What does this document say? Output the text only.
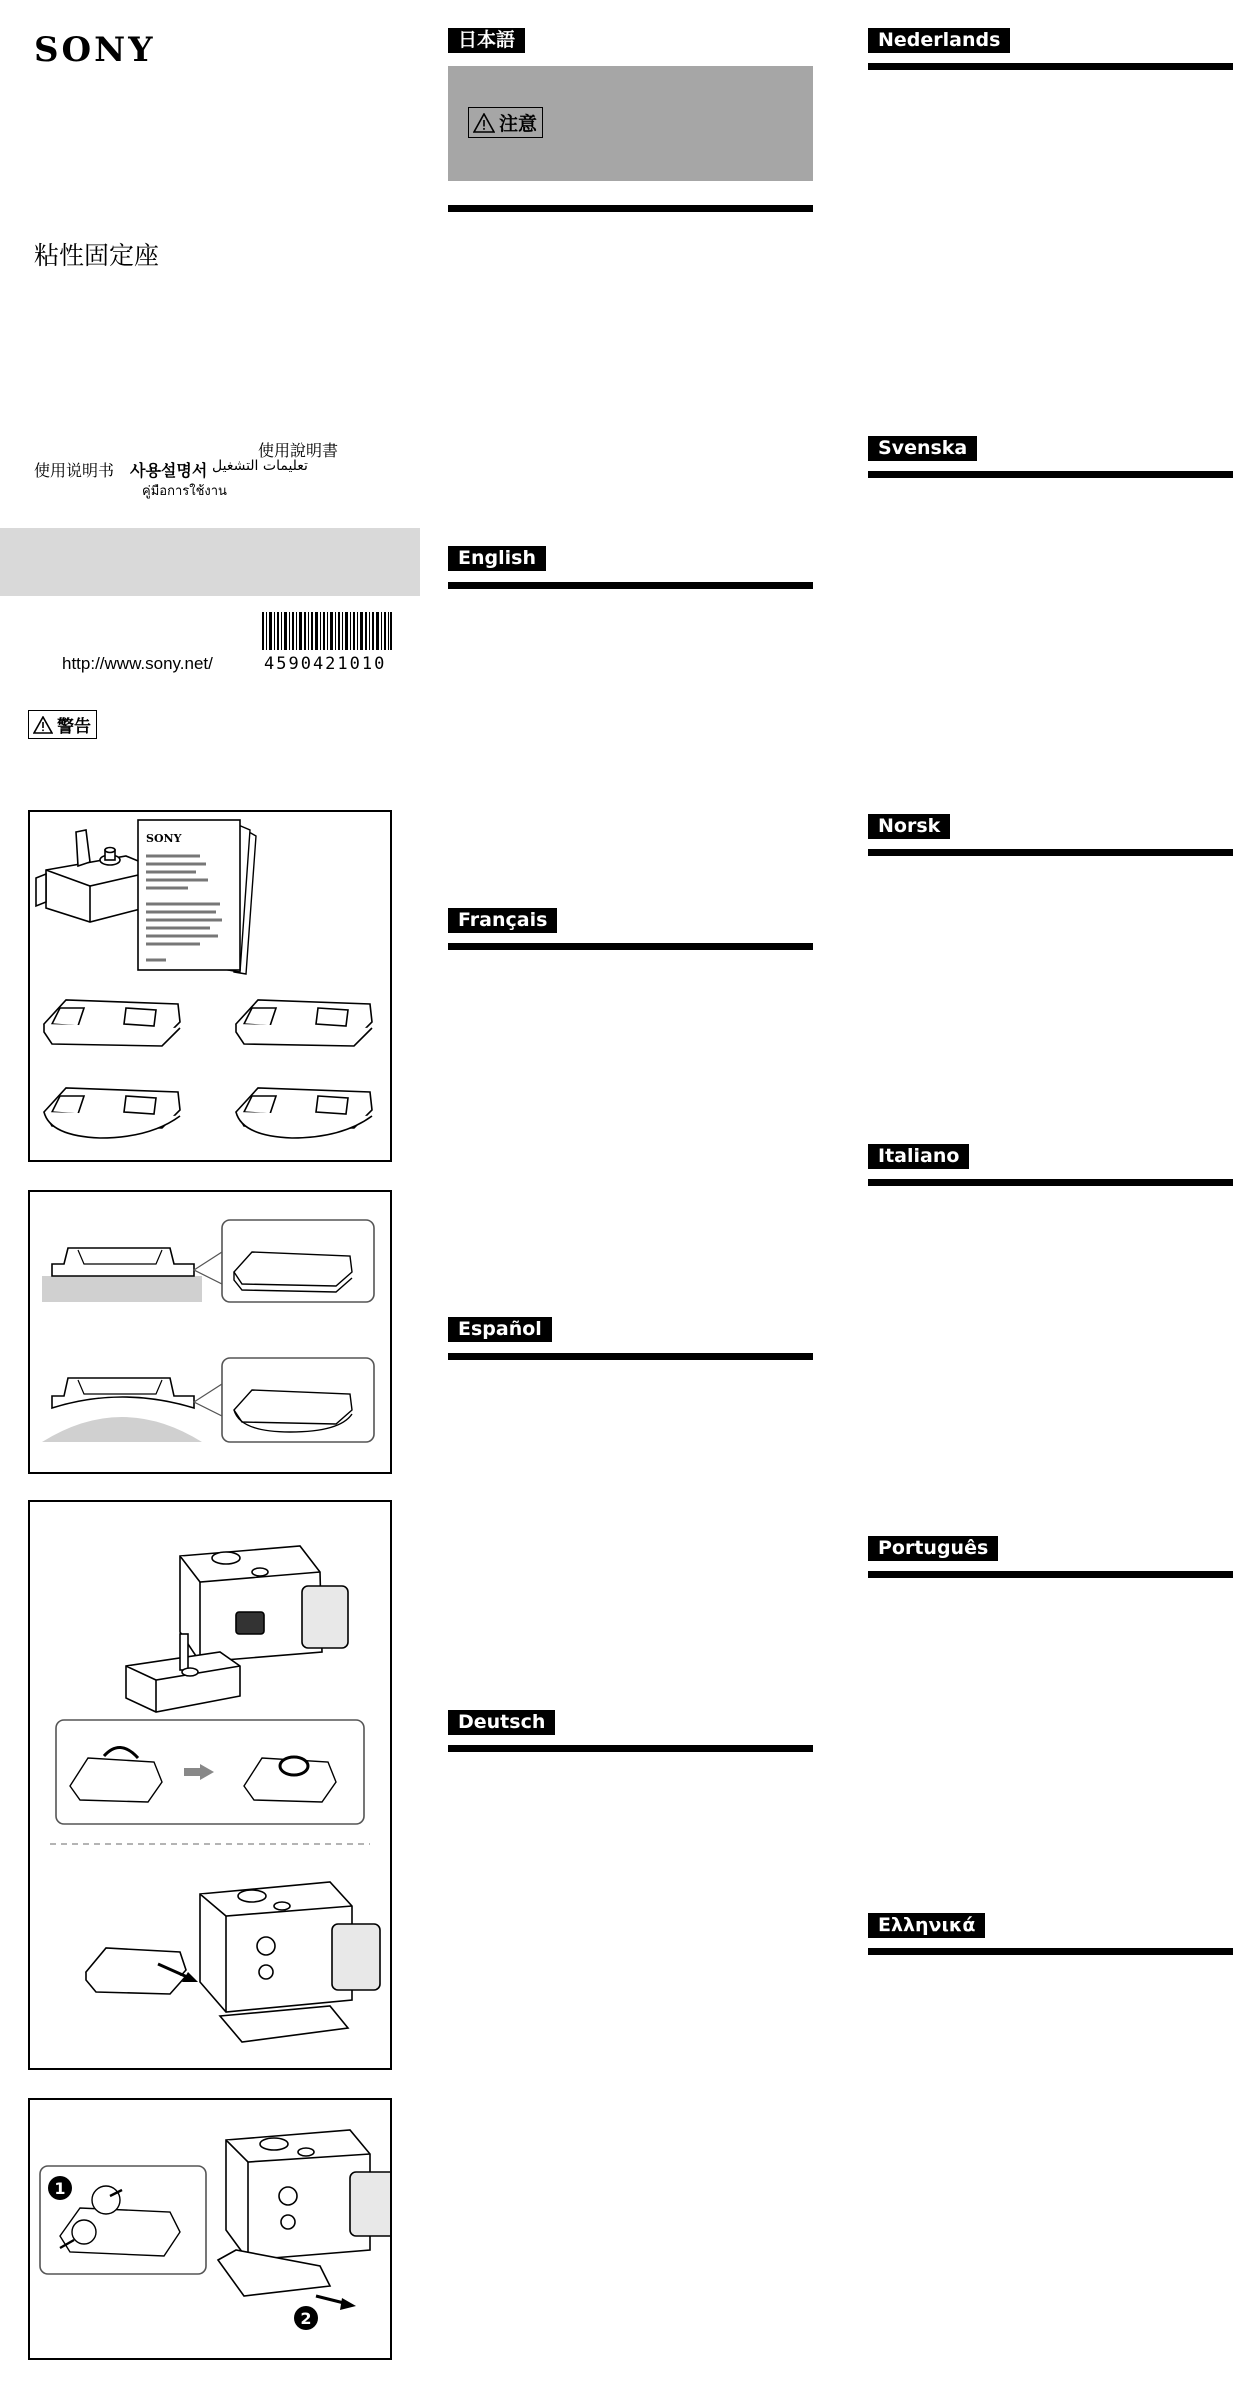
SONY
粘性固定座
使用說明書
使用说明书 사용설명서 تعليمات التشغيل
คู่มือการใช้งาน
http://www.sony.net/	4590421010
警告
SONY
1
2
日本語
注意
English
Français
Español
Deutsch
Nederlands
Svenska
Norsk
Italiano
Português
Ελληνικά
